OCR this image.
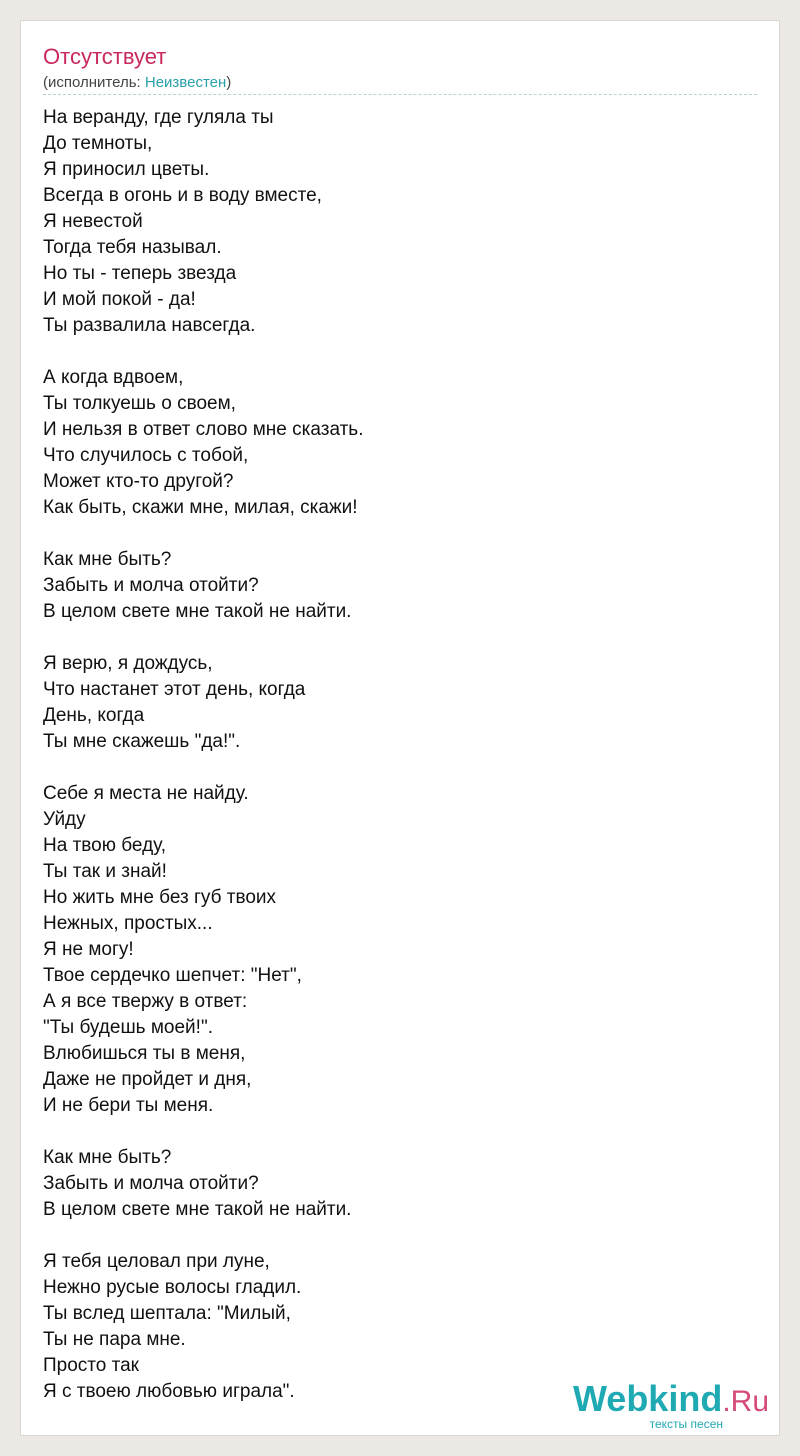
Отсутствует
(исполнитель: Неизвестен)
На веранду, где гуляла ты
До темноты,
Я приносил цветы.
Всегда в огонь и в воду вместе,
Я невестой
Тогда тебя называл.
Но ты - теперь звезда
И мой покой - да!
Ты развалила навсегда.
А когда вдвоем,
Ты толкуешь о своем,
И нельзя в ответ слово мне сказать.
Что случилось с тобой,
Может кто-то другой?
Как быть, скажи мне, милая, скажи!
Как мне быть?
Забыть и молча отойти?
В целом свете мне такой не найти.
Я верю, я дождусь,
Что настанет этот день, когда
День, когда
Ты мне скажешь "да!".
Себе я места не найду.
Уйду
На твою беду,
Ты так и знай!
Но жить мне без губ твоих
Нежных, простых...
Я не могу!
Твое сердечко шепчет: "Нет",
А я все твержу в ответ:
"Ты будешь моей!".
Влюбишься ты в меня,
Даже не пройдет и дня,
И не бери ты меня.
Как мне быть?
Забыть и молча отойти?
В целом свете мне такой не найти.
Я тебя целовал при луне,
Нежно русые волосы гладил.
Ты вслед шептала: "Милый,
Ты не пара мне.
Просто так
Я с твоею любовью играла".	Webkind.Ru
тексты песен
